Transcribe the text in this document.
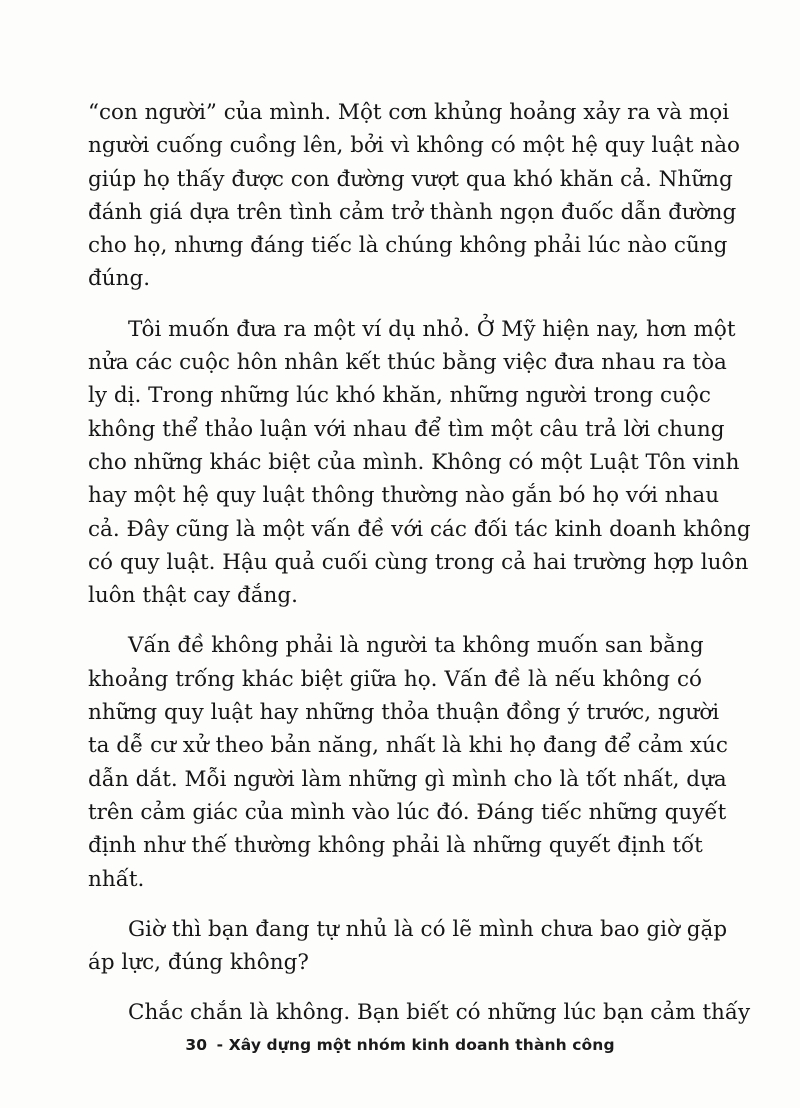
“con người” của mình. Một cơn khủng hoảng xảy ra và mọi
người cuống cuồng lên, bởi vì không có một hệ quy luật nào
giúp họ thấy được con đường vượt qua khó khăn cả. Những
đánh giá dựa trên tình cảm trở thành ngọn đuốc dẫn đường
cho họ, nhưng đáng tiếc là chúng không phải lúc nào cũng
đúng.

Tôi muốn đưa ra một ví dụ nhỏ. Ở Mỹ hiện nay, hơn một
nửa các cuộc hôn nhân kết thúc bằng việc đưa nhau ra tòa
ly dị. Trong những lúc khó khăn, những người trong cuộc
không thể thảo luận với nhau để tìm một câu trả lời chung
cho những khác biệt của mình. Không có một Luật Tôn vinh
hay một hệ quy luật thông thường nào gắn bó họ với nhau
cả. Đây cũng là một vấn đề với các đối tác kinh doanh không
có quy luật. Hậu quả cuối cùng trong cả hai trường hợp luôn
luôn thật cay đắng.

Vấn đề không phải là người ta không muốn san bằng
khoảng trống khác biệt giữa họ. Vấn đề là nếu không có
những quy luật hay những thỏa thuận đồng ý trước, người
ta dễ cư xử theo bản năng, nhất là khi họ đang để cảm xúc
dẫn dắt. Mỗi người làm những gì mình cho là tốt nhất, dựa
trên cảm giác của mình vào lúc đó. Đáng tiếc những quyết
định như thế thường không phải là những quyết định tốt
nhất.

Giờ thì bạn đang tự nhủ là có lẽ mình chưa bao giờ gặp
áp lực, đúng không?

Chắc chắn là không. Bạn biết có những lúc bạn cảm thấy

30 - Xây dựng một nhóm kinh doanh thành công
